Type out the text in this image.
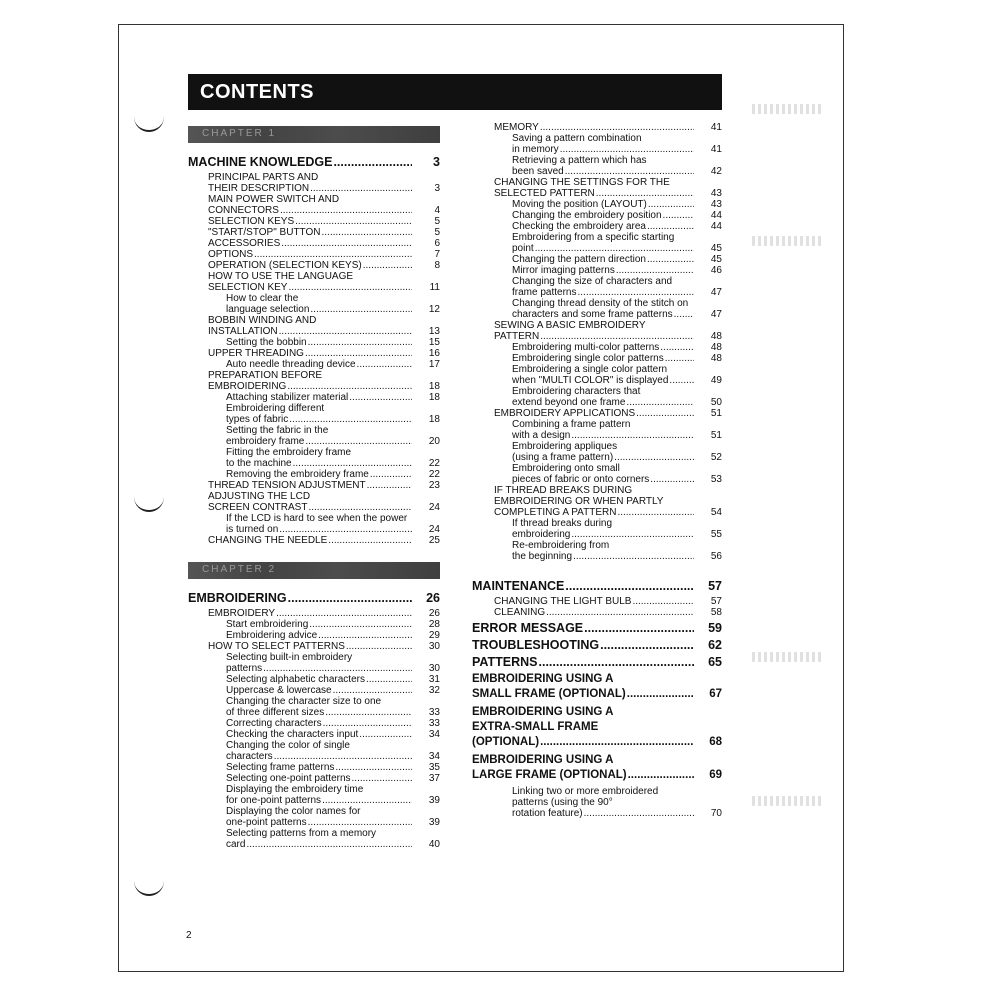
CONTENTS
CHAPTER 1
MACHINE KNOWLEDGE .....	3
PRINCIPAL PARTS AND
THEIR DESCRIPTION .....	3
MAIN POWER SWITCH AND
CONNECTORS .....	4
SELECTION KEYS .....	5
"START/STOP" BUTTON .....	5
ACCESSORIES .....	6
OPTIONS .....	7
OPERATION (SELECTION KEYS) .....	8
HOW TO USE THE LANGUAGE
SELECTION KEY .....	11
How to clear the
language selection .....	12
BOBBIN WINDING AND
INSTALLATION .....	13
Setting the bobbin .....	15
UPPER THREADING .....	16
Auto needle threading device .....	17
PREPARATION BEFORE
EMBROIDERING .....	18
Attaching stabilizer material .....	18
Embroidering different
types of fabric .....	18
Setting the fabric in the
embroidery frame .....	20
Fitting the embroidery frame
to the machine .....	22
Removing the embroidery frame .....	22
THREAD TENSION ADJUSTMENT .....	23
ADJUSTING THE LCD
SCREEN CONTRAST .....	24
If the LCD is hard to see when the power
is turned on .....	24
CHANGING THE NEEDLE .....	25
CHAPTER 2
EMBROIDERING .....	26
EMBROIDERY .....	26
Start embroidering .....	28
Embroidering advice .....	29
HOW TO SELECT PATTERNS .....	30
Selecting built-in embroidery
patterns .....	30
Selecting alphabetic characters .....	31
Uppercase & lowercase .....	32
Changing the character size to one
of three different sizes .....	33
Correcting characters .....	33
Checking the characters input .....	34
Changing the color of single
characters .....	34
Selecting frame patterns .....	35
Selecting one-point patterns .....	37
Displaying the embroidery time
for one-point patterns .....	39
Displaying the color names for
one-point patterns .....	39
Selecting patterns from a memory
card .....	40
MEMORY .....	41
Saving a pattern combination
in memory .....	41
Retrieving a pattern which has
been saved .....	42
CHANGING THE SETTINGS FOR THE
SELECTED PATTERN .....	43
Moving the position (LAYOUT) .....	43
Changing the embroidery position .....	44
Checking the embroidery area .....	44
Embroidering from a specific starting
point .....	45
Changing the pattern direction .....	45
Mirror imaging patterns .....	46
Changing the size of characters and
frame patterns .....	47
Changing thread density of the stitch on
characters and some frame patterns .....	47
SEWING A BASIC EMBROIDERY
PATTERN .....	48
Embroidering multi-color patterns .....	48
Embroidering single color patterns .....	48
Embroidering a single color pattern
when "MULTI COLOR" is displayed .....	49
Embroidering characters that
extend beyond one frame .....	50
EMBROIDERY APPLICATIONS .....	51
Combining a frame pattern
with a design .....	51
Embroidering appliques
(using a frame pattern) .....	52
Embroidering onto small
pieces of fabric or onto corners .....	53
IF THREAD BREAKS DURING
EMBROIDERING OR WHEN PARTLY
COMPLETING A PATTERN .....	54
If thread breaks during
embroidering .....	55
Re-embroidering from
the beginning .....	56
MAINTENANCE .....	57
CHANGING THE LIGHT BULB .....	57
CLEANING .....	58
ERROR MESSAGE .....	59
TROUBLESHOOTING .....	62
PATTERNS .....	65
EMBROIDERING USING A
SMALL FRAME (OPTIONAL) .....	67
EMBROIDERING USING A
EXTRA-SMALL FRAME
(OPTIONAL) .....	68
EMBROIDERING USING A
LARGE FRAME (OPTIONAL) .....	69
Linking two or more embroidered
patterns (using the 90°
rotation feature) .....	70
2
